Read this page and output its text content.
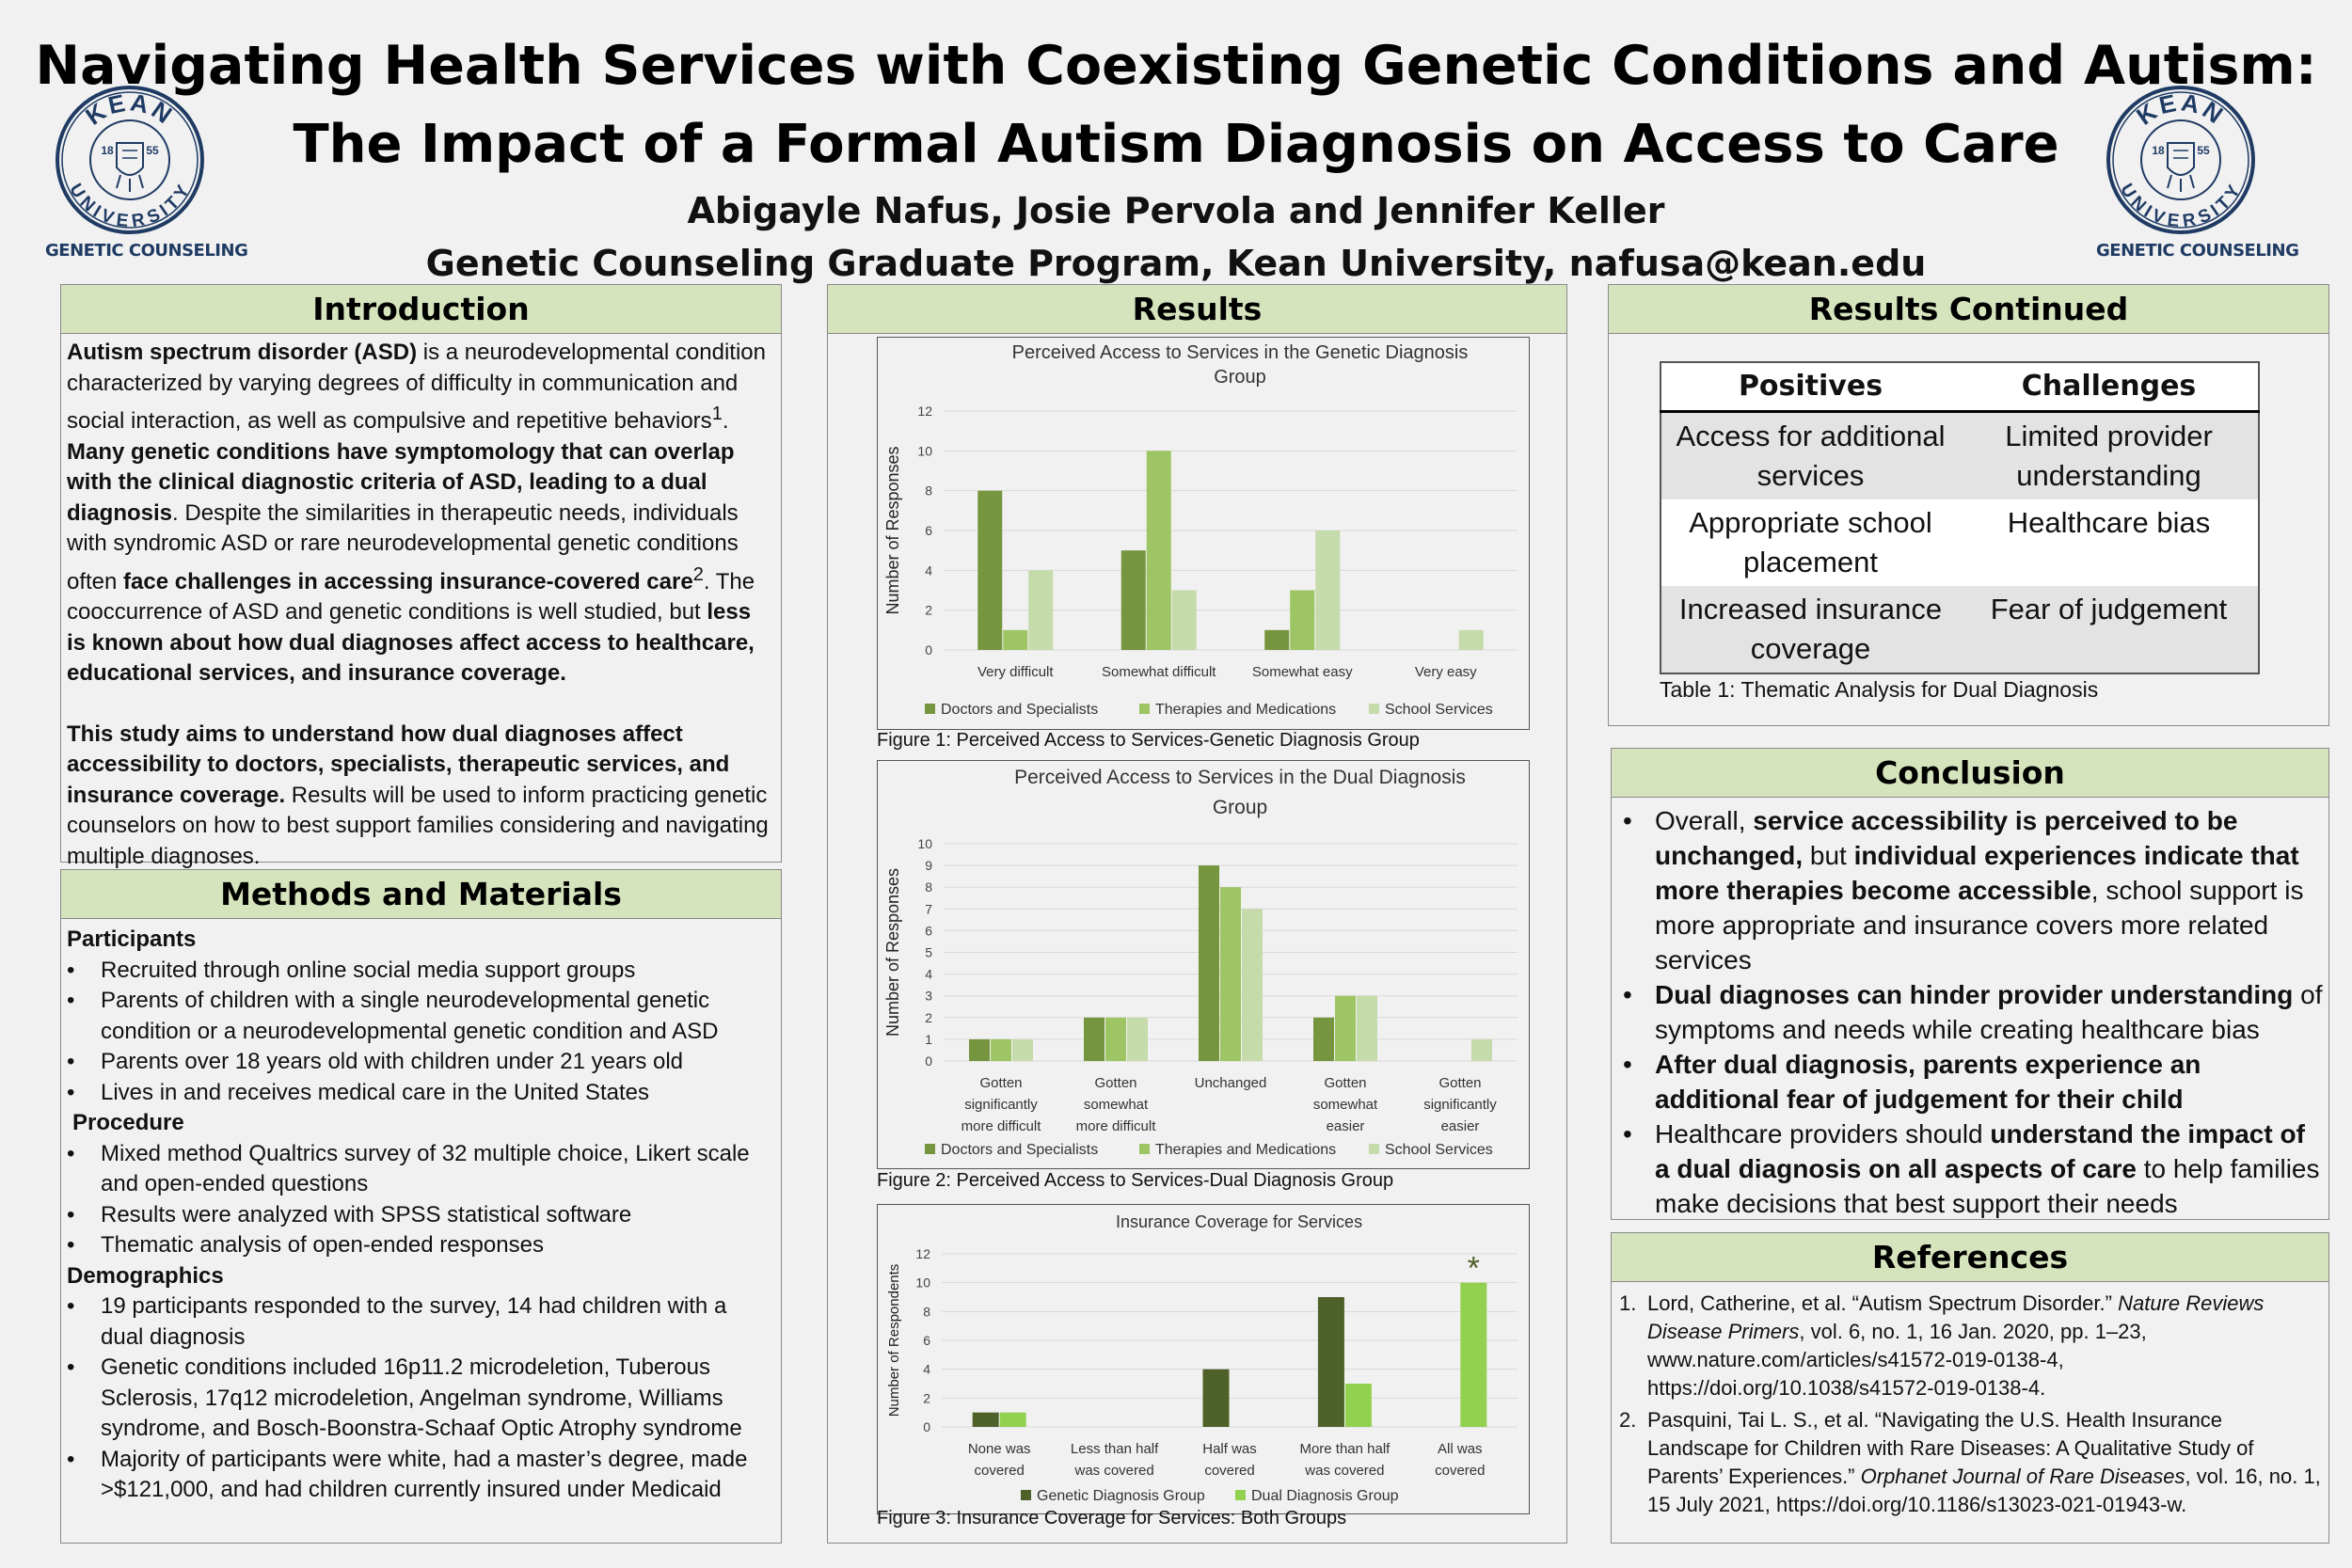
Navigating Health Services with Coexisting Genetic Conditions and Autism:
The Impact of a Formal Autism Diagnosis on Access to Care
Abigayle Nafus, Josie Pervola and Jennifer Keller
Genetic Counseling Graduate Program, Kean University, nafusa@kean.edu
KEAN
UNIVERSITY
18	55
GENETIC COUNSELING
KEAN
UNIVERSITY
18	55
GENETIC COUNSELING
Introduction

Autism spectrum disorder (ASD) is a neurodevelopmental condition characterized by varying degrees of difficulty in communication and social interaction, as well as compulsive and repetitive behaviors$^1$. Many genetic conditions have symptomology that can overlap with the clinical diagnostic criteria of ASD, leading to a dual diagnosis. Despite the similarities in therapeutic needs, individuals with syndromic ASD or rare neurodevelopmental genetic conditions often face challenges in accessing insurance-covered care$^2$. The cooccurrence of ASD and genetic conditions is well studied, but less is known about how dual diagnoses affect access to healthcare, educational services, and insurance coverage.

This study aims to understand how dual diagnoses affect accessibility to doctors, specialists, therapeutic services, and insurance coverage. Results will be used to inform practicing genetic counselors on how to best support families considering and navigating multiple diagnoses.

Methods and Materials
Participants
• Recruited through online social media support groups
• Parents of children with a single neurodevelopmental genetic condition or a neurodevelopmental genetic condition and ASD
• Parents over 18 years old with children under 21 years old
• Lives in and receives medical care in the United States
Procedure
• Mixed method Qualtrics survey of 32 multiple choice, Likert scale and open-ended questions
• Results were analyzed with SPSS statistical software
• Thematic analysis of open-ended responses
Demographics
• 19 participants responded to the survey, 14 had children with a dual diagnosis
• Genetic conditions included 16p11.2 microdeletion, Tuberous Sclerosis, 17q12 microdeletion, Angelman syndrome, Williams syndrome, and Bosch-Boonstra-Schaaf Optic Atrophy syndrome
• Majority of participants were white, had a master’s degree, made >$121,000, and had children currently insured under Medicaid
Results
Perceived Access to Services in the Genetic Diagnosis
Group
0
2
4
6
8
10
12
Number of Responses
Very difficult	Somewhat difficult	Somewhat easy	Very easy
Doctors and Specialists	Therapies and Medications	School Services
Figure 1: Perceived Access to Services-Genetic Diagnosis Group
Perceived Access to Services in the Dual Diagnosis
Group
0
1
2
3
4
5
6
7
8
9
10
Number of Responses
Gotten
significantly
more difficult
Gotten
somewhat
more difficult
Unchanged	Gotten
somewhat
easier
Gotten
significantly
easier
Doctors and Specialists	Therapies and Medications	School Services
Figure 2: Perceived Access to Services-Dual Diagnosis Group
Insurance Coverage for Services
0
2
4
6
8
10
12
Number of Respondents
None was
covered
Less than half
was covered
Half was
covered
More than half
was covered
*
All was
covered
Genetic Diagnosis Group	Dual Diagnosis Group
Figure 3: Insurance Coverage for Services: Both Groups
Results Continued
Positives	Challenges
Access for additional services	Limited provider understanding
Appropriate school placement	Healthcare bias
Increased insurance coverage	Fear of judgement
Table 1: Thematic Analysis for Dual Diagnosis
Conclusion
• Overall, service accessibility is perceived to be unchanged, but individual experiences indicate that more therapies become accessible, school support is more appropriate and insurance covers more related services
• Dual diagnoses can hinder provider understanding of symptoms and needs while creating healthcare bias
• After dual diagnosis, parents experience an additional fear of judgement for their child
• Healthcare providers should understand the impact of a dual diagnosis on all aspects of care to help families make decisions that best support their needs
References
1. Lord, Catherine, et al. “Autism Spectrum Disorder.” Nature Reviews Disease Primers, vol. 6, no. 1, 16 Jan. 2020, pp. 1–23, www.nature.com/articles/s41572-019-0138-4, https://doi.org/10.1038/s41572-019-0138-4.
2. Pasquini, Tai L. S., et al. “Navigating the U.S. Health Insurance Landscape for Children with Rare Diseases: A Qualitative Study of Parents’ Experiences.” Orphanet Journal of Rare Diseases, vol. 16, no. 1, 15 July 2021, https://doi.org/10.1186/s13023-021-01943-w.
